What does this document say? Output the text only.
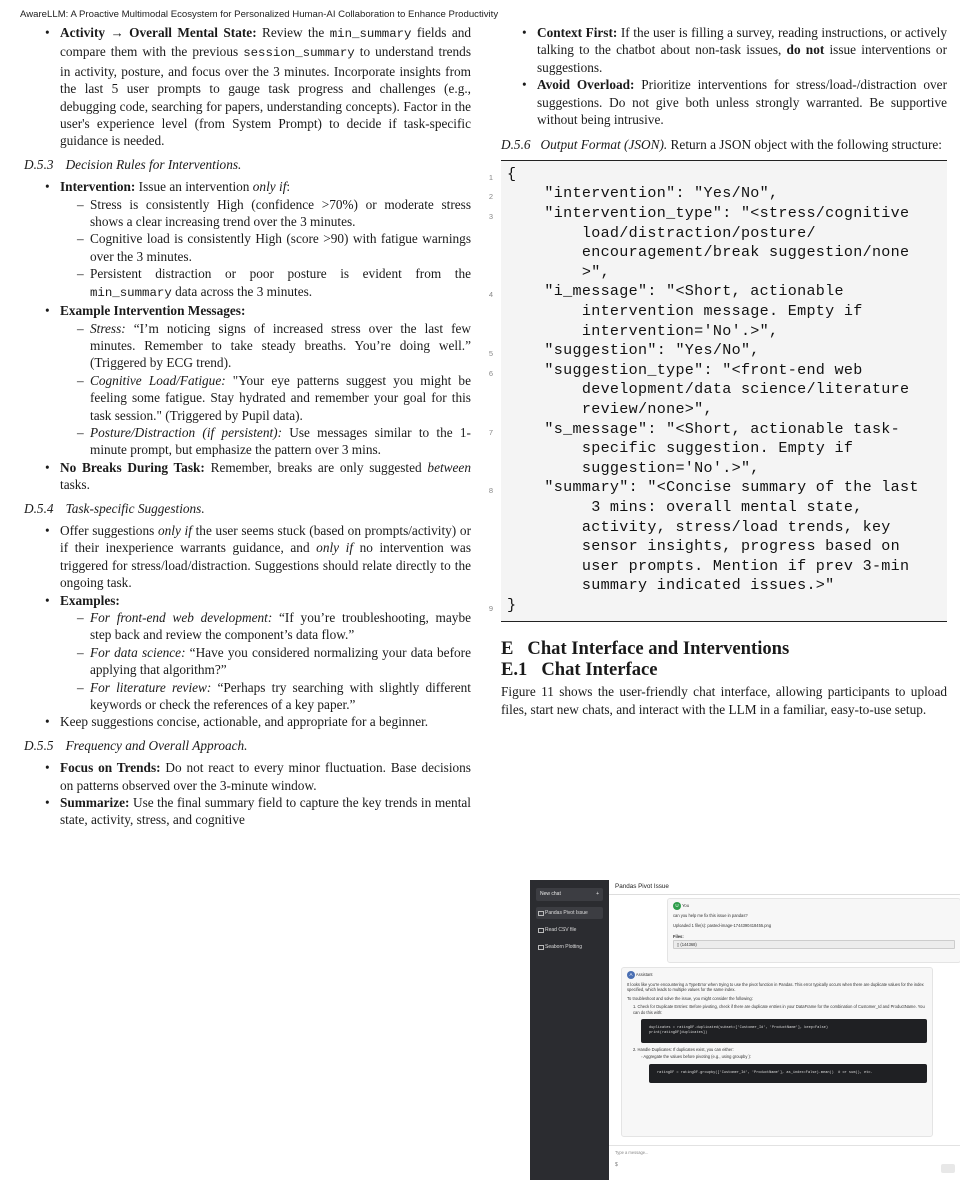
AwareLLM: A Proactive Multimodal Ecosystem for Personalized Human-AI Collaboration to Enhance Productivity
• Activity → Overall Mental State: Review the min_summary fields and compare them with the previous session_summary to understand trends in activity, posture, and focus over the 3 minutes. Incorporate insights from the last 5 user prompts to gauge task progress and challenges (e.g., debugging code, searching for papers, understanding concepts). Factor in the user's experience level (from System Prompt) to decide if task-specific guidance is needed.
D.5.3 Decision Rules for Interventions.
• Intervention: Issue an intervention only if:
– Stress is consistently High (confidence >70%) or moderate stress shows a clear increasing trend over the 3 minutes.
– Cognitive load is consistently High (score >90) with fatigue warnings over the 3 minutes.
– Persistent distraction or poor posture is evident from the min_summary data across the 3 minutes.
• Example Intervention Messages:
– Stress: “I’m noticing signs of increased stress over the last few minutes. Remember to take steady breaths. You’re doing well.” (Triggered by ECG trend).
– Cognitive Load/Fatigue: "Your eye patterns suggest you might be feeling some fatigue. Stay hydrated and remember your goal for this task session." (Triggered by Pupil data).
– Posture/Distraction (if persistent): Use messages similar to the 1-minute prompt, but emphasize the pattern over 3 mins.
• No Breaks During Task: Remember, breaks are only suggested between tasks.
D.5.4 Task-specific Suggestions.
• Offer suggestions only if the user seems stuck (based on prompts/activity) or if their inexperience warrants guidance, and only if no intervention was triggered for stress/load/distraction. Suggestions should relate directly to the ongoing task.
• Examples:
– For front-end web development: “If you’re troubleshooting, maybe step back and review the component’s data flow.”
– For data science: “Have you considered normalizing your data before applying that algorithm?”
– For literature review: “Perhaps try searching with slightly different keywords or check the references of a key paper.”
• Keep suggestions concise, actionable, and appropriate for a beginner.
D.5.5 Frequency and Overall Approach.
• Focus on Trends: Do not react to every minor fluctuation. Base decisions on patterns observed over the 3-minute window.
• Summarize: Use the final summary field to capture the key trends in mental state, activity, stress, and cognitive
• Context First: If the user is filling a survey, reading instructions, or actively talking to the chatbot about non-task issues, do not issue interventions or suggestions.
• Avoid Overload: Prioritize interventions for stress/load-/distraction over suggestions. Do not give both unless strongly warranted. Be supportive without being intrusive.
D.5.6 Output Format (JSON). Return a JSON object with the following structure:
1 {
2 "intervention": "Yes/No",
3	"intervention_type": "<stress/cognitive
load/distraction/posture/
encouragement/break suggestion/none
>",
4	"i_message": "<Short, actionable
intervention message. Empty if
intervention='No'.>",
5 "suggestion": "Yes/No",
6	"suggestion_type": "<front-end web
development/data science/literature
review/none>",
7	"s_message": "<Short, actionable task-
specific suggestion. Empty if
suggestion='No'.>",
8	"summary": "<Concise summary of the last
3 mins: overall mental state,
activity, stress/load trends, key
sensor insights, progress based on
user prompts. Mention if prev 3-min
summary indicated issues.>"
9 }
E Chat Interface and Interventions
E.1 Chat Interface
Figure 11 shows the user-friendly chat interface, allowing participants to upload files, start new chats, and interact with the LLM in a familiar, easy-to-use setup.
New chat	+
Pandas Pivot Issue
Read CSV file
Seaborn Plotting
Pandas Pivot Issue
U You
can you help me fix this issue in pandas?
Uploaded 1 file(s): pasted-image-1744390418455.png
Files:
▯ (144368)
A Assistant
It looks like you're encountering a TypeError when trying to use the pivot function in Pandas. This error typically occurs when there are duplicate values for the index specified, which leads to multiple values for the same index.
To troubleshoot and solve the issue, you might consider the following:
1. Check for Duplicate Entries: Before pivoting, check if there are duplicate entries in your DataFrame for the combination of Customer_Id and ProductName. You can do this with:
duplicates = ratingDF.duplicated(subset=['Customer_Id', 'ProductName'], keep=False)
print(ratingDF[duplicates])
2. Handle Duplicates: If duplicates exist, you can either:
◦ Aggregate the values before pivoting (e.g., using groupby ):
ratingDF = ratingDF.groupby(['Customer_Id', 'ProductName'], as_index=False).mean()  # or sum(), etc.
Type a message...
$
